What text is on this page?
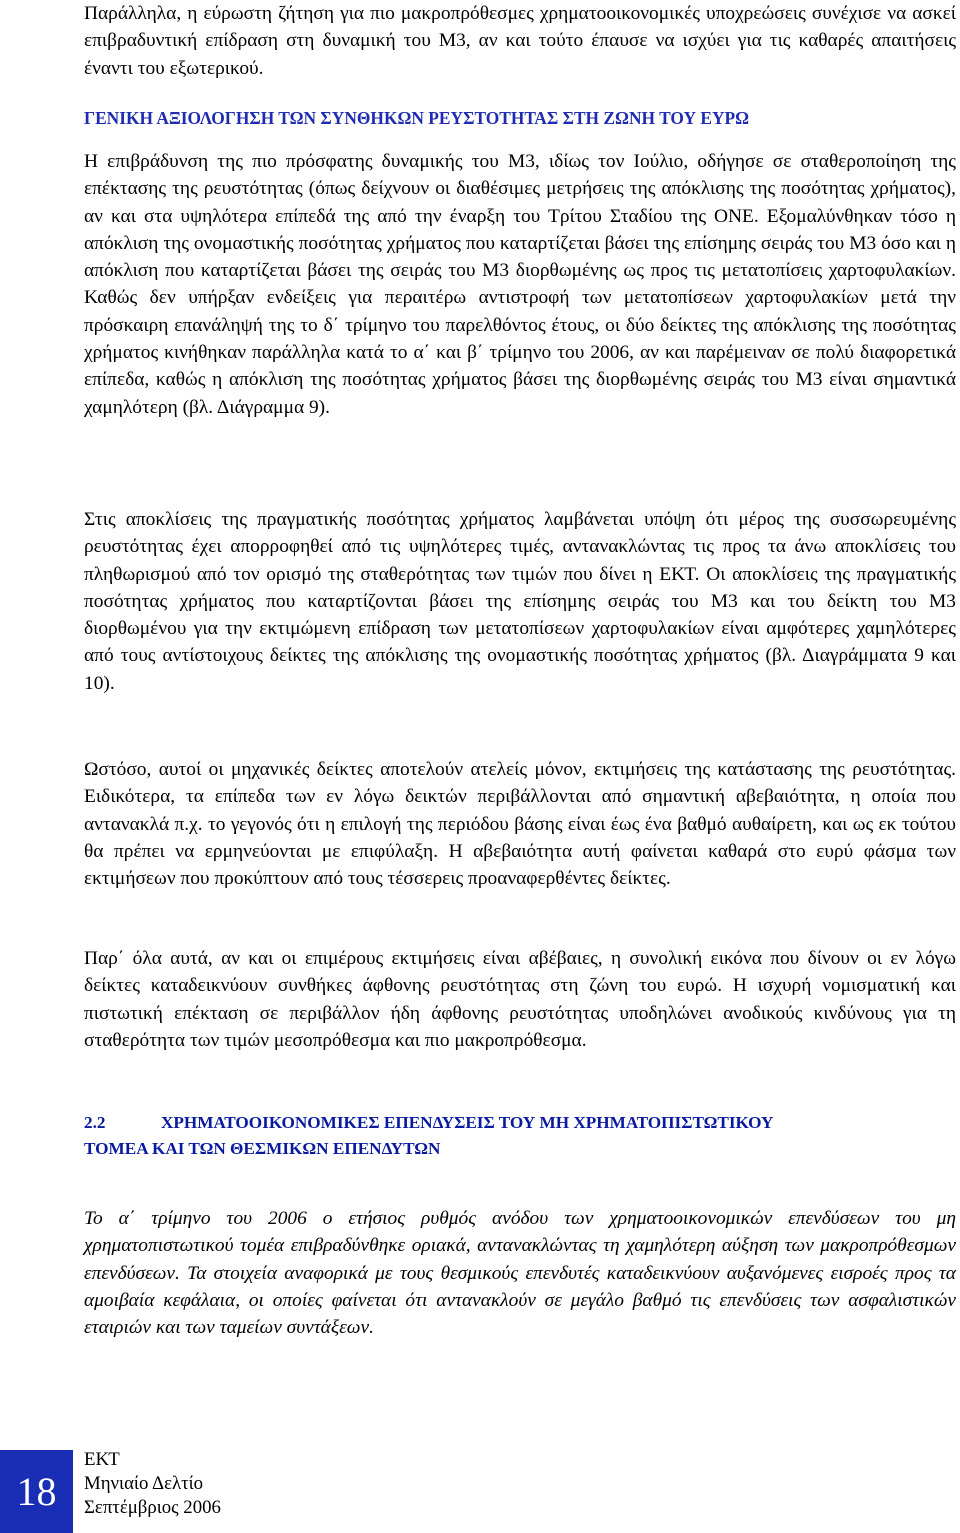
Παράλληλα, η εύρωστη ζήτηση για πιο μακροπρόθεσμες χρηματοοικονομικές υποχρεώσεις συνέχισε να ασκεί επιβραδυντική επίδραση στη δυναμική του Μ3, αν και τούτο έπαυσε να ισχύει για τις καθαρές απαιτήσεις έναντι του εξωτερικού.

ΓΕΝΙΚΗ ΑΞΙΟΛΟΓΗΣΗ ΤΩΝ ΣΥΝΘΗΚΩΝ ΡΕΥΣΤΟΤΗΤΑΣ ΣΤΗ ΖΩΝΗ ΤΟΥ ΕΥΡΩ

Η επιβράδυνση της πιο πρόσφατης δυναμικής του Μ3, ιδίως τον Ιούλιο, οδήγησε σε σταθεροποίηση της επέκτασης της ρευστότητας (όπως δείχνουν οι διαθέσιμες μετρήσεις της απόκλισης της ποσότητας χρήματος), αν και στα υψηλότερα επίπεδά της από την έναρξη του Τρίτου Σταδίου της ΟΝΕ. Εξομαλύνθηκαν τόσο η απόκλιση της ονομαστικής ποσότητας χρήματος που καταρτίζεται βάσει της επίσημης σειράς του Μ3 όσο και η απόκλιση που καταρτίζεται βάσει της σειράς του Μ3 διορθωμένης ως προς τις μετατοπίσεις χαρτοφυλακίων. Καθώς δεν υπήρξαν ενδείξεις για περαιτέρω αντιστροφή των μετατοπίσεων χαρτοφυλακίων μετά την πρόσκαιρη επανάληψή της το δ΄ τρίμηνο του παρελθόντος έτους, οι δύο δείκτες της απόκλισης της ποσότητας χρήματος κινήθηκαν παράλληλα κατά το α΄ και β΄ τρίμηνο του 2006, αν και παρέμειναν σε πολύ διαφορετικά επίπεδα, καθώς η απόκλιση της ποσότητας χρήματος βάσει της διορθωμένης σειράς του Μ3 είναι σημαντικά χαμηλότερη (βλ. Διάγραμμα 9).

Στις αποκλίσεις της πραγματικής ποσότητας χρήματος λαμβάνεται υπόψη ότι μέρος της συσσωρευμένης ρευστότητας έχει απορροφηθεί από τις υψηλότερες τιμές, αντανακλώντας τις προς τα άνω αποκλίσεις του πληθωρισμού από τον ορισμό της σταθερότητας των τιμών που δίνει η ΕΚΤ. Οι αποκλίσεις της πραγματικής ποσότητας χρήματος που καταρτίζονται βάσει της επίσημης σειράς του Μ3 και του δείκτη του Μ3 διορθωμένου για την εκτιμώμενη επίδραση των μετατοπίσεων χαρτοφυλακίων είναι αμφότερες χαμηλότερες από τους αντίστοιχους δείκτες της απόκλισης της ονομαστικής ποσότητας χρήματος (βλ. Διαγράμματα 9 και 10).

Ωστόσο, αυτοί οι μηχανικές δείκτες αποτελούν ατελείς μόνον, εκτιμήσεις της κατάστασης της ρευστότητας. Ειδικότερα, τα επίπεδα των εν λόγω δεικτών περιβάλλονται από σημαντική αβεβαιότητα, η οποία που αντανακλά π.χ. το γεγονός ότι η επιλογή της περιόδου βάσης είναι έως ένα βαθμό αυθαίρετη, και ως εκ τούτου θα πρέπει να ερμηνεύονται με επιφύλαξη. Η αβεβαιότητα αυτή φαίνεται καθαρά στο ευρύ φάσμα των εκτιμήσεων που προκύπτουν από τους τέσσερεις προαναφερθέντες δείκτες.

Παρ΄ όλα αυτά, αν και οι επιμέρους εκτιμήσεις είναι αβέβαιες, η συνολική εικόνα που δίνουν οι εν λόγω δείκτες καταδεικνύουν συνθήκες άφθονης ρευστότητας στη ζώνη του ευρώ. Η ισχυρή νομισματική και πιστωτική επέκταση σε περιβάλλον ήδη άφθονης ρευστότητας υποδηλώνει ανοδικούς κινδύνους για τη σταθερότητα των τιμών μεσοπρόθεσμα και πιο μακροπρόθεσμα.

2.2	ΧΡΗΜΑΤΟΟΙΚΟΝΟΜΙΚΕΣ ΕΠΕΝΔΥΣΕΙΣ ΤΟΥ ΜΗ ΧΡΗΜΑΤΟΠΙΣΤΩΤΙΚΟΥ
ΤΟΜΕΑ ΚΑΙ ΤΩΝ ΘΕΣΜΙΚΩΝ ΕΠΕΝΔΥΤΩΝ

Το α΄ τρίμηνο του 2006 ο ετήσιος ρυθμός ανόδου των χρηματοοικονομικών επενδύσεων του μη χρηματοπιστωτικού τομέα επιβραδύνθηκε οριακά, αντανακλώντας τη χαμηλότερη αύξηση των μακροπρόθεσμων επενδύσεων. Τα στοιχεία αναφορικά με τους θεσμικούς επενδυτές καταδεικνύουν αυξανόμενες εισροές προς τα αμοιβαία κεφάλαια, οι οποίες φαίνεται ότι αντανακλούν σε μεγάλο βαθμό τις επενδύσεις των ασφαλιστικών εταιριών και των ταμείων συντάξεων.

18
ΕΚΤ
Μηνιαίο Δελτίο
Σεπτέμβριος 2006
